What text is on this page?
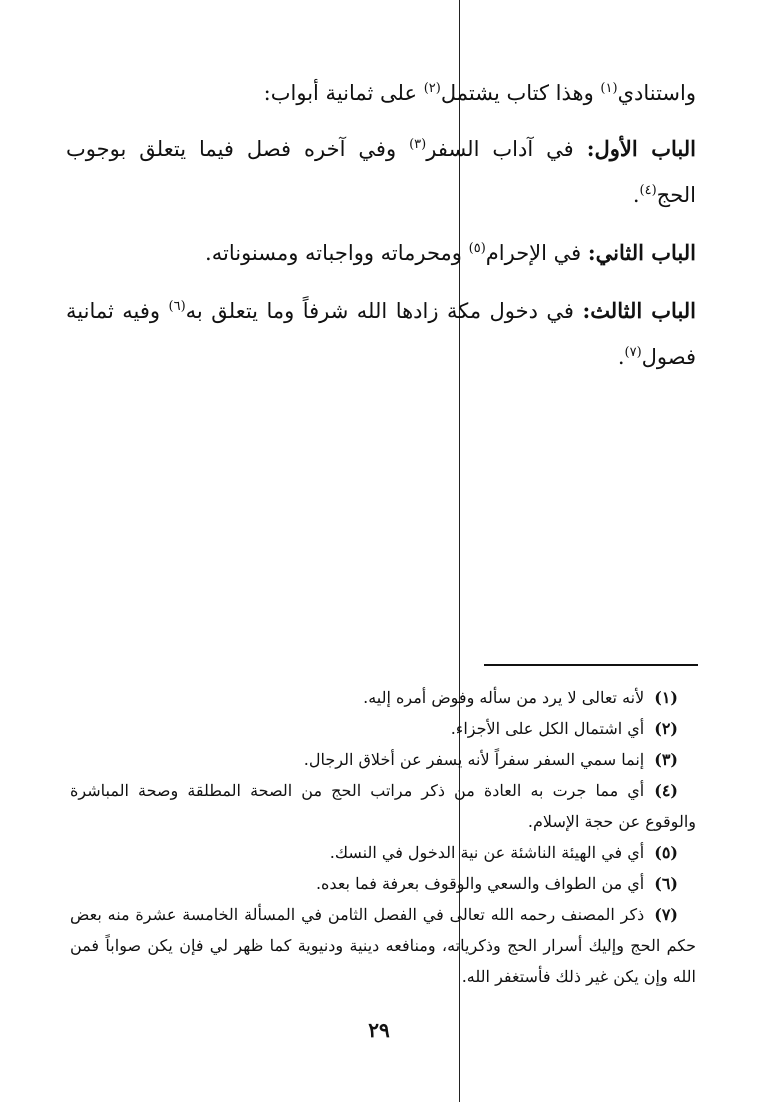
واستنادي$^{(١)}$ وهذا كتاب يشتمل$^{(٢)}$ على ثمانية أبواب:

الباب الأول: في آداب السفر$^{(٣)}$ وفي آخره فصل فيما يتعلق بوجوب الحج$^{(٤)}$.

الباب الثاني: في الإحرام$^{(٥)}$ ومحرماته وواجباته ومسنوناته.

الباب الثالث: في دخول مكة زادها الله شرفاً وما يتعلق به$^{(٦)}$ وفيه ثمانية فصول$^{(٧)}$.

(١)لأنه تعالى لا يرد من سأله وفوض أمره إليه.

(٢)أي اشتمال الكل على الأجزاء.

(٣)إنما سمي السفر سفراً لأنه يسفر عن أخلاق الرجال.

(٤)أي مما جرت به العادة من ذكر مراتب الحج من الصحة المطلقة وصحة المباشرة والوقوع عن حجة الإسلام.

(٥)أي في الهيئة الناشئة عن نية الدخول في النسك.

(٦)أي من الطواف والسعي والوقوف بعرفة فما بعده.

(٧)ذكر المصنف رحمه الله تعالى في الفصل الثامن في المسألة الخامسة عشرة منه بعض حكم الحج وإليك أسرار الحج وذكرياته، ومنافعه دينية ودنيوية كما ظهر لي فإن يكن صواباً فمن الله وإن يكن غير ذلك فأستغفر الله.

٢٩
